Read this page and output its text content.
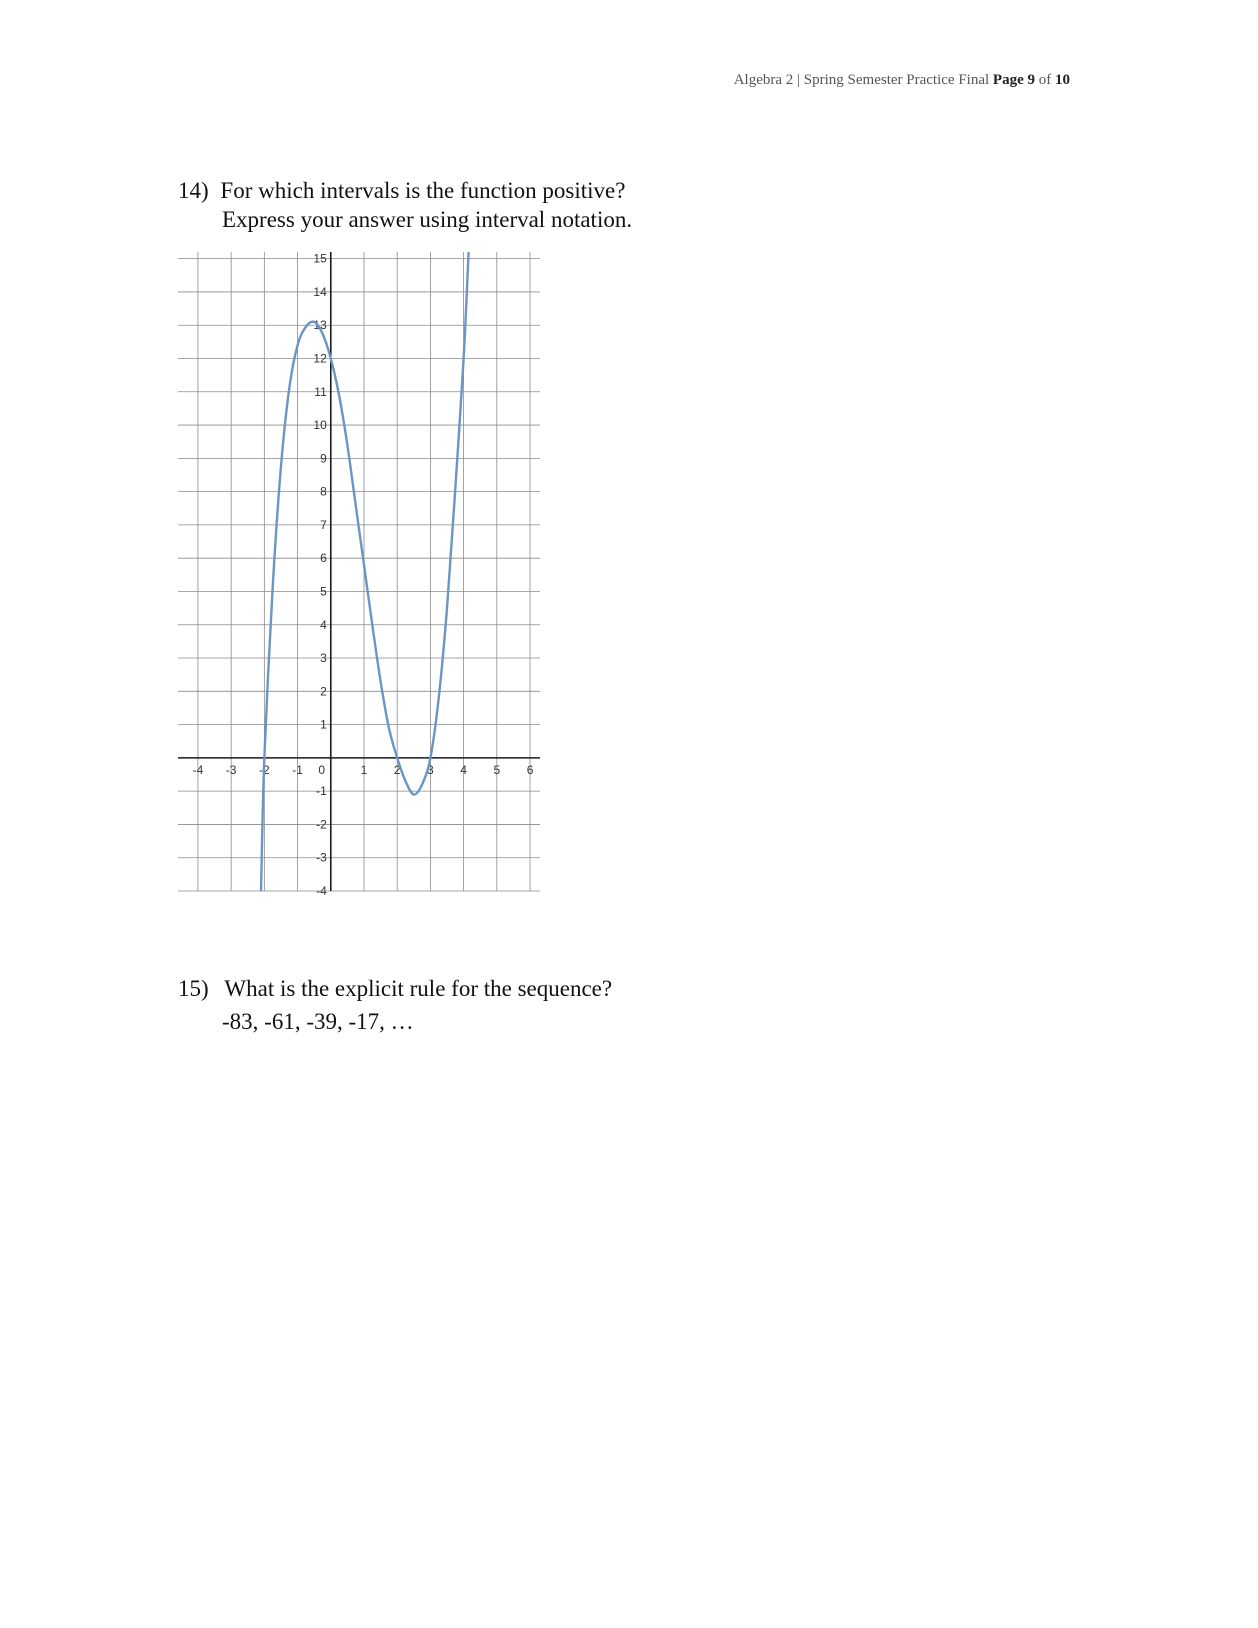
Algebra 2 | Spring Semester Practice Final Page 9 of 10
14) For which intervals is the function positive?
Express your answer using interval notation.
-4 -3 -2 -1 0	1 2 3 4 5 6
15
14
13
12
11
10
9
8
7
6
5
4
3
2
1
-1
-2
-3
-4
15) What is the explicit rule for the sequence?
-83, -61, -39, -17, …
